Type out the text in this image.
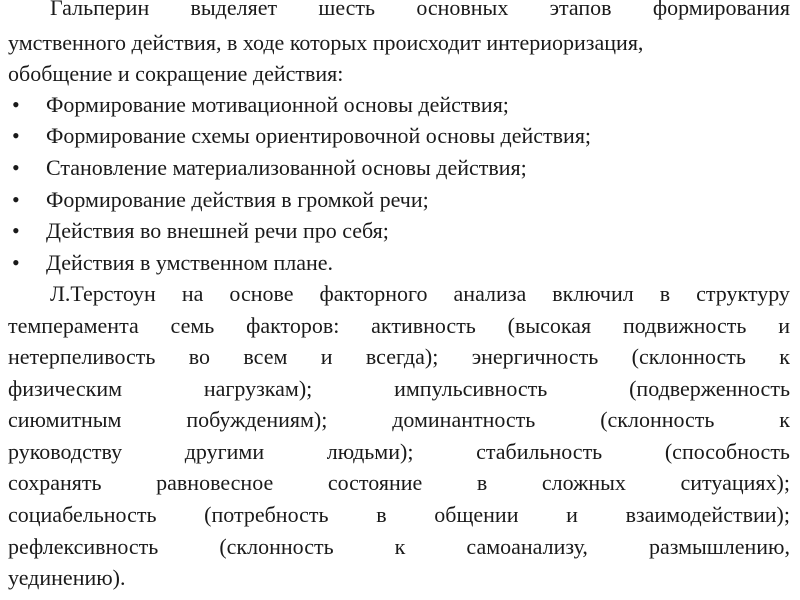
Гальперин выделяет шесть основных этапов формирования
умственного действия, в ходе которых происходит интериоризация,
обобщение и сокращение действия:
• Формирование мотивационной основы действия;
• Формирование схемы ориентировочной основы действия;
• Становление материализованной основы действия;
• Формирование действия в громкой речи;
• Действия во внешней речи про себя;
• Действия в умственном плане.
Л.Терстоун на основе факторного анализа включил в структуру
темперамента семь факторов: активность (высокая подвижность и
нетерпеливость во всем и всегда); энергичность (склонность к
физическим	нагрузкам);	импульсивность	(подверженность
сиюмитным	побуждениям);	доминантность	(склонность	к
руководству	другими	людьми);	стабильность	(способность
сохранять равновесное состояние в сложных ситуациях);
социабельность (потребность в общении и взаимодействии);
рефлексивность	(склонность	к	самоанализу,	размышлению,
уединению).
